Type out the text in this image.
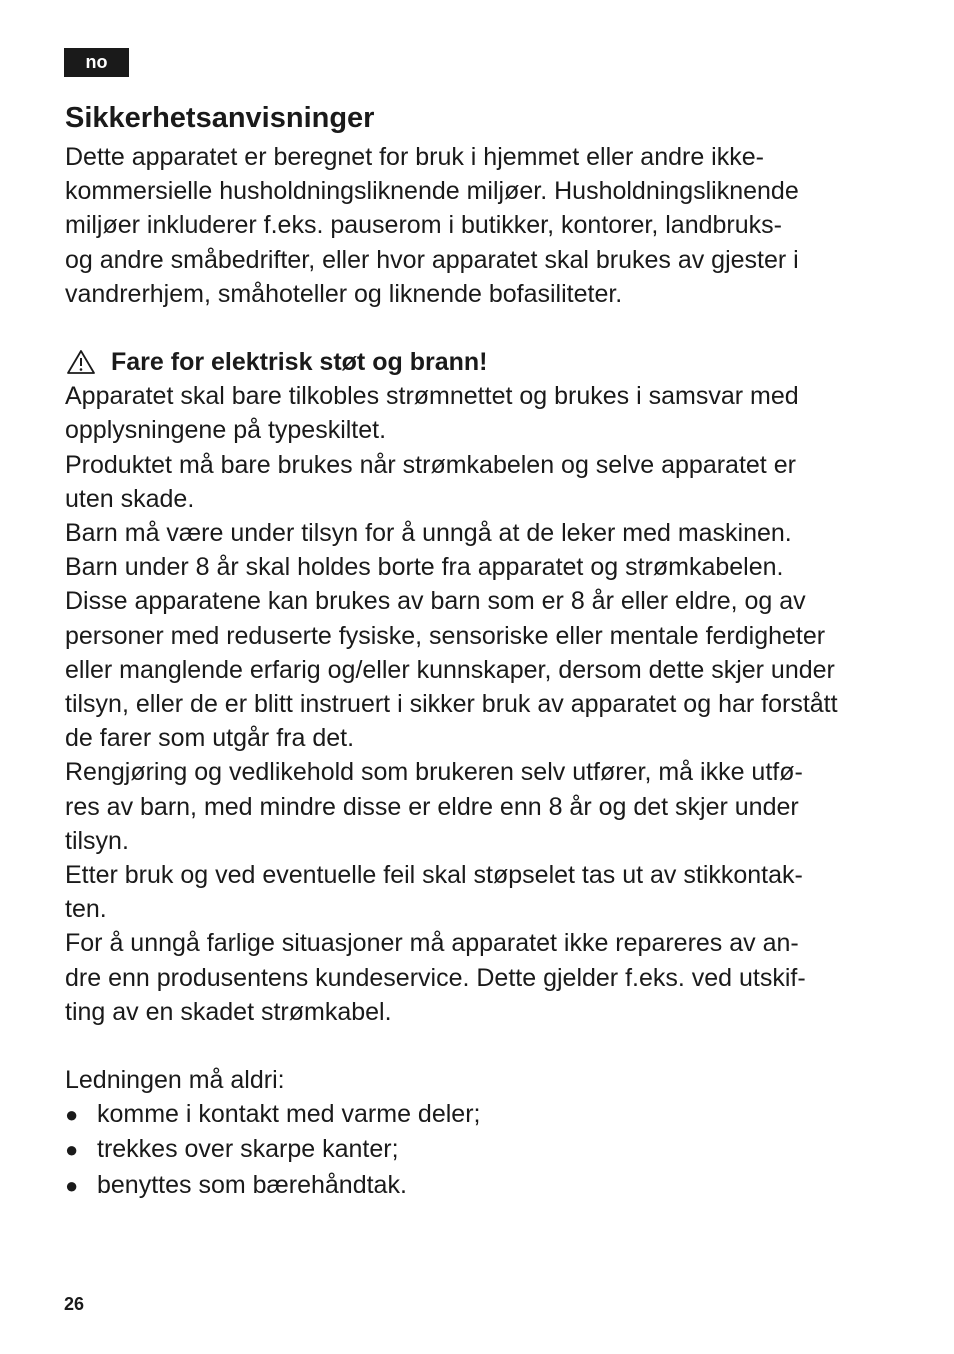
no
Sikkerhetsanvisninger
Dette apparatet er beregnet for bruk i hjemmet eller andre ikke-
kommersielle husholdningsliknende miljøer. Husholdningsliknende
miljøer inkluderer f.eks. pauserom i butikker, kontorer, landbruks-
og andre småbedrifter, eller hvor apparatet skal brukes av gjester i
vandrerhjem, småhoteller og liknende bofasiliteter.
Fare for elektrisk støt og brann!
Apparatet skal bare tilkobles strømnettet og brukes i samsvar med
opplysningene på typeskiltet.
Produktet må bare brukes når strømkabelen og selve apparatet er
uten skade.
Barn må være under tilsyn for å unngå at de leker med maskinen.
Barn under 8 år skal holdes borte fra apparatet og strømkabelen.
Disse apparatene kan brukes av barn som er 8 år eller eldre, og av
personer med reduserte fysiske, sensoriske eller mentale ferdigheter
eller manglende erfarig og/eller kunnskaper, dersom dette skjer under
tilsyn, eller de er blitt instruert i sikker bruk av apparatet og har forstått
de farer som utgår fra det.
Rengjøring og vedlikehold som brukeren selv utfører, må ikke utfø-
res av barn, med mindre disse er eldre enn 8 år og det skjer under
tilsyn.
Etter bruk og ved eventuelle feil skal støpselet tas ut av stikkontak-
ten.
For å unngå farlige situasjoner må apparatet ikke repareres av an-
dre enn produsentens kundeservice. Dette gjelder f.eks. ved utskif-
ting av en skadet strømkabel.
Ledningen må aldri:
● komme i kontakt med varme deler;
● trekkes over skarpe kanter;
● benyttes som bærehåndtak.
26
